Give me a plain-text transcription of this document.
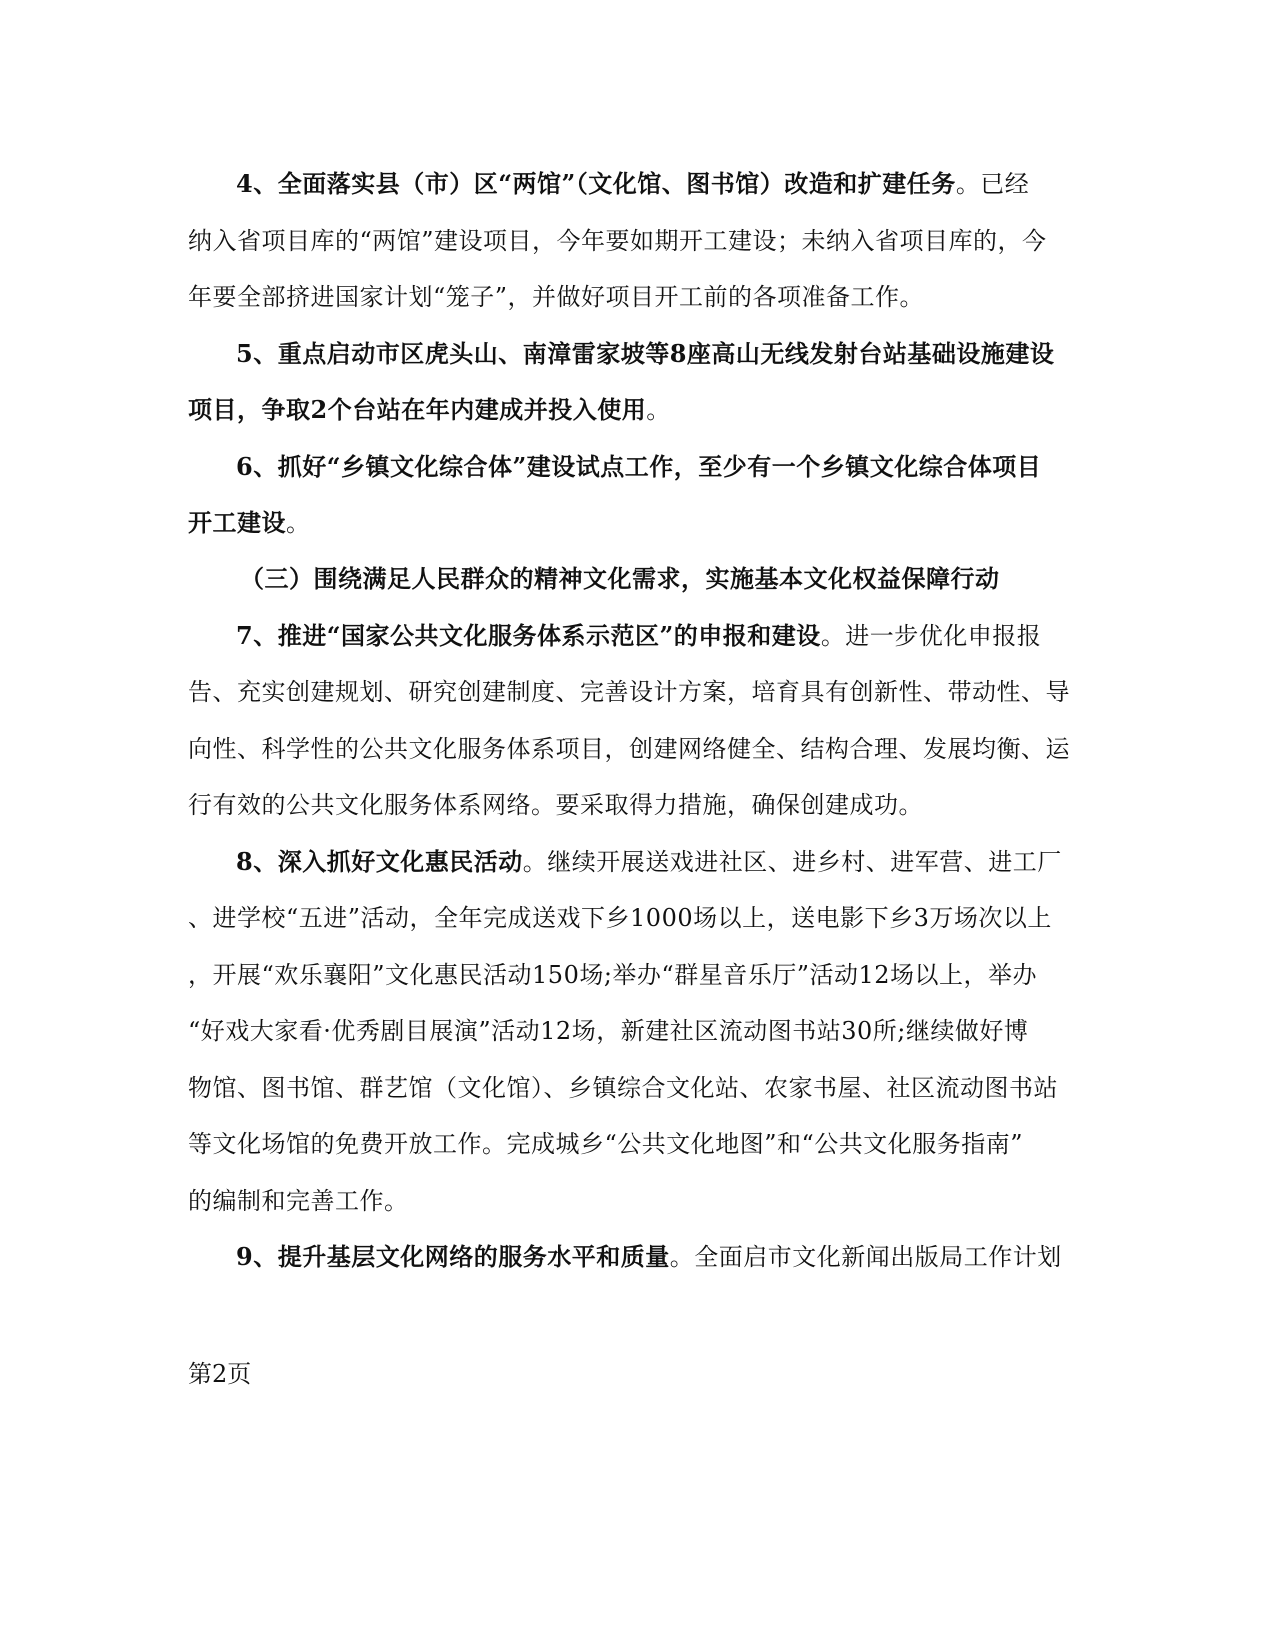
4、全面落实县（市）区“两馆”（文化馆、图书馆）改造和扩建任务。已经
纳入省项目库的“两馆”建设项目，今年要如期开工建设；未纳入省项目库的，今
年要全部挤进国家计划“笼子”，并做好项目开工前的各项准备工作。
5、重点启动市区虎头山、南漳雷家坡等8座高山无线发射台站基础设施建设
项目，争取2个台站在年内建成并投入使用。
6、抓好“乡镇文化综合体”建设试点工作，至少有一个乡镇文化综合体项目
开工建设。
（三）围绕满足人民群众的精神文化需求，实施基本文化权益保障行动
7、推进“国家公共文化服务体系示范区”的申报和建设。进一步优化申报报
告、充实创建规划、研究创建制度、完善设计方案，培育具有创新性、带动性、导
向性、科学性的公共文化服务体系项目，创建网络健全、结构合理、发展均衡、运
行有效的公共文化服务体系网络。要采取得力措施，确保创建成功。
8、深入抓好文化惠民活动。继续开展送戏进社区、进乡村、进军营、进工厂
、进学校“五进”活动，全年完成送戏下乡1000场以上，送电影下乡3万场次以上
，开展“欢乐襄阳”文化惠民活动150场;举办“群星音乐厅”活动12场以上，举办
“好戏大家看·优秀剧目展演”活动12场，新建社区流动图书站30所;继续做好博
物馆、图书馆、群艺馆（文化馆）、乡镇综合文化站、农家书屋、社区流动图书站
等文化场馆的免费开放工作。完成城乡“公共文化地图”和“公共文化服务指南”
的编制和完善工作。
9、提升基层文化网络的服务水平和质量。全面启市文化新闻出版局工作计划
第2页
